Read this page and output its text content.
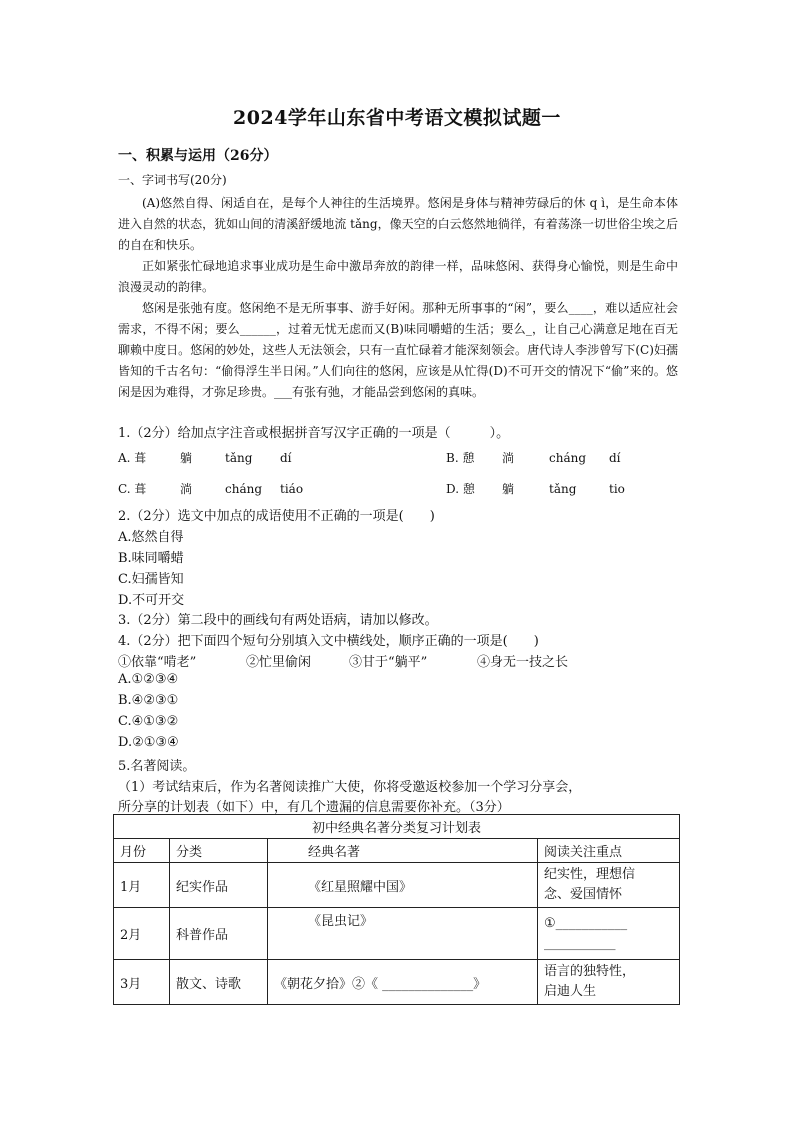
2024学年山东省中考语文模拟试题一
一、积累与运用（26分）
一、字词书写(20分)

(A)悠然自得、闲适自在，是每个人神往的生活境界。悠闲是身体与精神劳碌后的休 q ì，是生命本体进入自然的状态，犹如山间的清溪舒缓地流 tǎng，像天空的白云悠然地徜徉，有着荡涤一切世俗尘埃之后的自在和快乐。

正如紧张忙碌地追求事业成功是生命中激昂奔放的韵律一样，品味悠闲、获得身心愉悦，则是生命中浪漫灵动的韵律。

悠闲是张弛有度。悠闲绝不是无所事事、游手好闲。那种无所事事的“闲”，要么____，难以适应社会需求，不得不闲；要么______，过着无忧无虑而又(B)味同嚼蜡的生活；要么_，让自己心满意足地在百无聊赖中度日。悠闲的妙处，这些人无法领会，只有一直忙碌着才能深刻领会。唐代诗人李涉曾写下(C)妇孺皆知的千古名句：“偷得浮生半日闲。”人们向往的悠闲，应该是从忙得(D)不可开交的情况下“偷”来的。悠闲是因为难得，才弥足珍贵。___有张有弛，才能品尝到悠闲的真味。

1.（2分）给加点字注音或根据拼音写汉字正确的一项是（　　　）。
A. 葺	躺	tǎng dí	B. 憩 淌	cháng dí
C. 葺	淌	cháng tiáo	D. 憩 躺	tǎng	tio
2.（2分）选文中加点的成语使用不正确的一项是(　　)
A.悠然自得
B.味同嚼蜡
C.妇孺皆知
D.不可开交
3.（2分）第二段中的画线句有两处语病，请加以修改。
4.（2分）把下面四个短句分别填入文中横线处，顺序正确的一项是(　　)
①依靠“啃老”	②忙里偷闲	③甘于“躺平”	④身无一技之长
A.①②③④
B.④②③①
C.④①③②
D.②①③④
5.名著阅读。
（1）考试结束后，作为名著阅读推广大使，你将受邀返校参加一个学习分享会，
所分享的计划表（如下）中，有几个遗漏的信息需要你补充。（3分）
初中经典名著分类复习计划表			
月份	分类	经典名著	阅读关注重点
1月	纪实作品	《红星照耀中国》	纪实性，理想信
念、爱国情怀

2月	科普作品	《昆虫记》	①___________
___________

3月	散文、诗歌	《朝花夕拾》②《 ______________》	语言的独特性，
启迪人生
